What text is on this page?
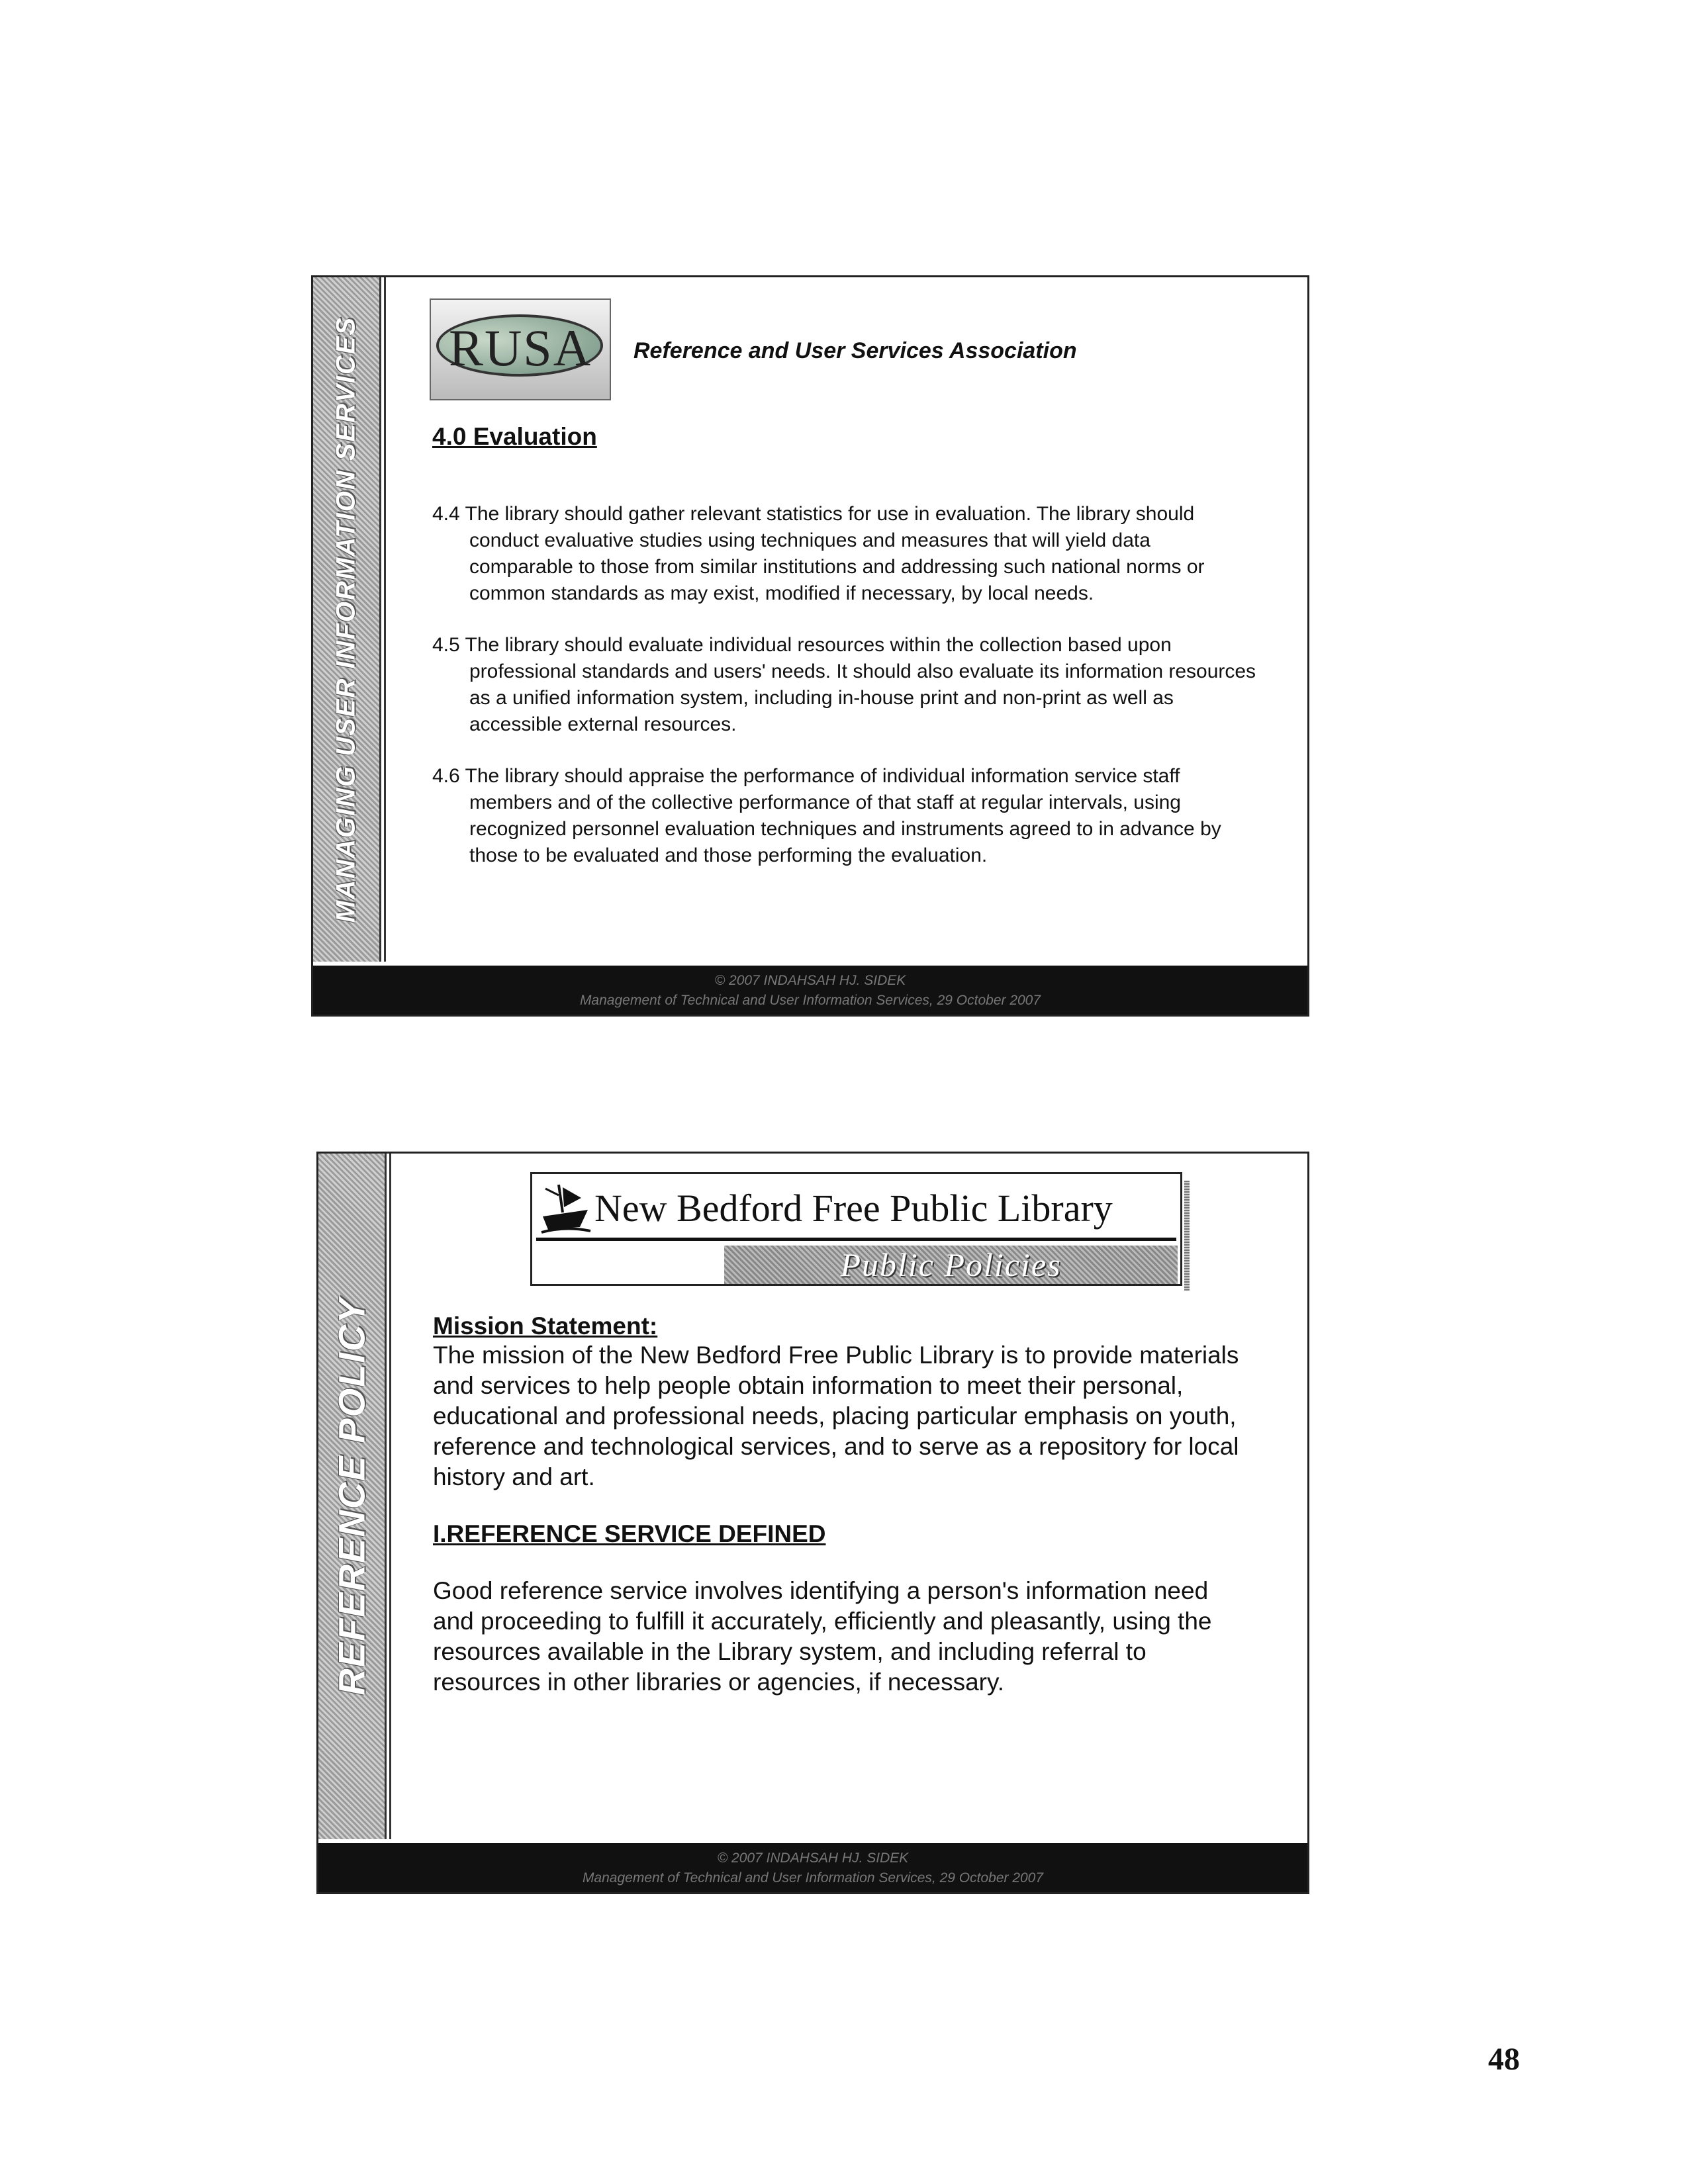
MANAGING USER INFORMATION SERVICES	RUSA	Reference and User Services Association
4.0 Evaluation

4.4 The library should gather relevant statistics for use in evaluation. The library should conduct evaluative studies using techniques and measures that will yield data comparable to those from similar institutions and addressing such national norms or common standards as may exist, modified if necessary, by local needs.

4.5 The library should evaluate individual resources within the collection based upon professional standards and users' needs. It should also evaluate its information resources as a unified information system, including in-house print and non-print as well as accessible external resources.

4.6 The library should appraise the performance of individual information service staff members and of the collective performance of that staff at regular intervals, using recognized personnel evaluation techniques and instruments agreed to in advance by those to be evaluated and those performing the evaluation.

© 2007 INDAHSAH HJ. SIDEK
Management of Technical and User Information Services, 29 October 2007
REFERENCE POLICY
New Bedford Free Public Library
Public Policies
Mission Statement:

The mission of the New Bedford Free Public Library is to provide materials and services to help people obtain information to meet their personal, educational and professional needs, placing particular emphasis on youth, reference and technological services, and to serve as a repository for local history and art.

I.REFERENCE SERVICE DEFINED

Good reference service involves identifying a person's information need and proceeding to fulfill it accurately, efficiently and pleasantly, using the resources available in the Library system, and including referral to resources in other libraries or agencies, if necessary.

© 2007 INDAHSAH HJ. SIDEK
Management of Technical and User Information Services, 29 October 2007
48
